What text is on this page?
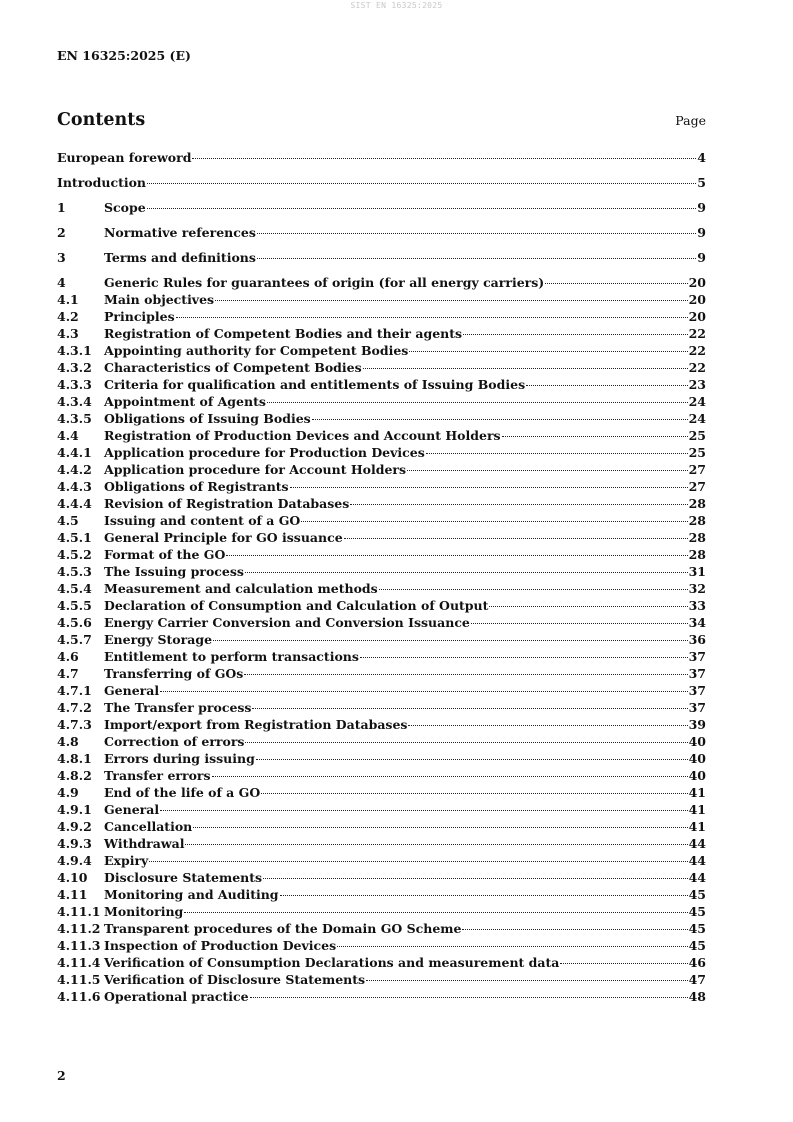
SIST EN 16325:2025
EN 16325:2025 (E)
Contents	Page
European foreword	4
Introduction	5
1	Scope	9
2	Normative references	9
3	Terms and definitions	9
4	Generic Rules for guarantees of origin (for all energy carriers)	20
4.1	Main objectives	20
4.2	Principles	20
4.3	Registration of Competent Bodies and their agents	22
4.3.1 Appointing authority for Competent Bodies	22
4.3.2 Characteristics of Competent Bodies	22
4.3.3 Criteria for qualification and entitlements of Issuing Bodies	23
4.3.4 Appointment of Agents	24
4.3.5 Obligations of Issuing Bodies	24
4.4	Registration of Production Devices and Account Holders	25
4.4.1 Application procedure for Production Devices	25
4.4.2 Application procedure for Account Holders	27
4.4.3 Obligations of Registrants	27
4.4.4 Revision of Registration Databases	28
4.5	Issuing and content of a GO	28
4.5.1 General Principle for GO issuance	28
4.5.2 Format of the GO	28
4.5.3 The Issuing process	31
4.5.4 Measurement and calculation methods	32
4.5.5 Declaration of Consumption and Calculation of Output	33
4.5.6 Energy Carrier Conversion and Conversion Issuance	34
4.5.7 Energy Storage	36
4.6	Entitlement to perform transactions	37
4.7	Transferring of GOs	37
4.7.1 General	37
4.7.2 The Transfer process	37
4.7.3 Import/export from Registration Databases	39
4.8	Correction of errors	40
4.8.1 Errors during issuing	40
4.8.2 Transfer errors	40
4.9	End of the life of a GO	41
4.9.1 General	41
4.9.2 Cancellation	41
4.9.3 Withdrawal	44
4.9.4 Expiry	44
4.10	Disclosure Statements	44
4.11	Monitoring and Auditing	45
4.11.1 Monitoring	45
4.11.2 Transparent procedures of the Domain GO Scheme	45
4.11.3 Inspection of Production Devices	45
4.11.4 Verification of Consumption Declarations and measurement data	46
4.11.5 Verification of Disclosure Statements	47
4.11.6 Operational practice	48
2
